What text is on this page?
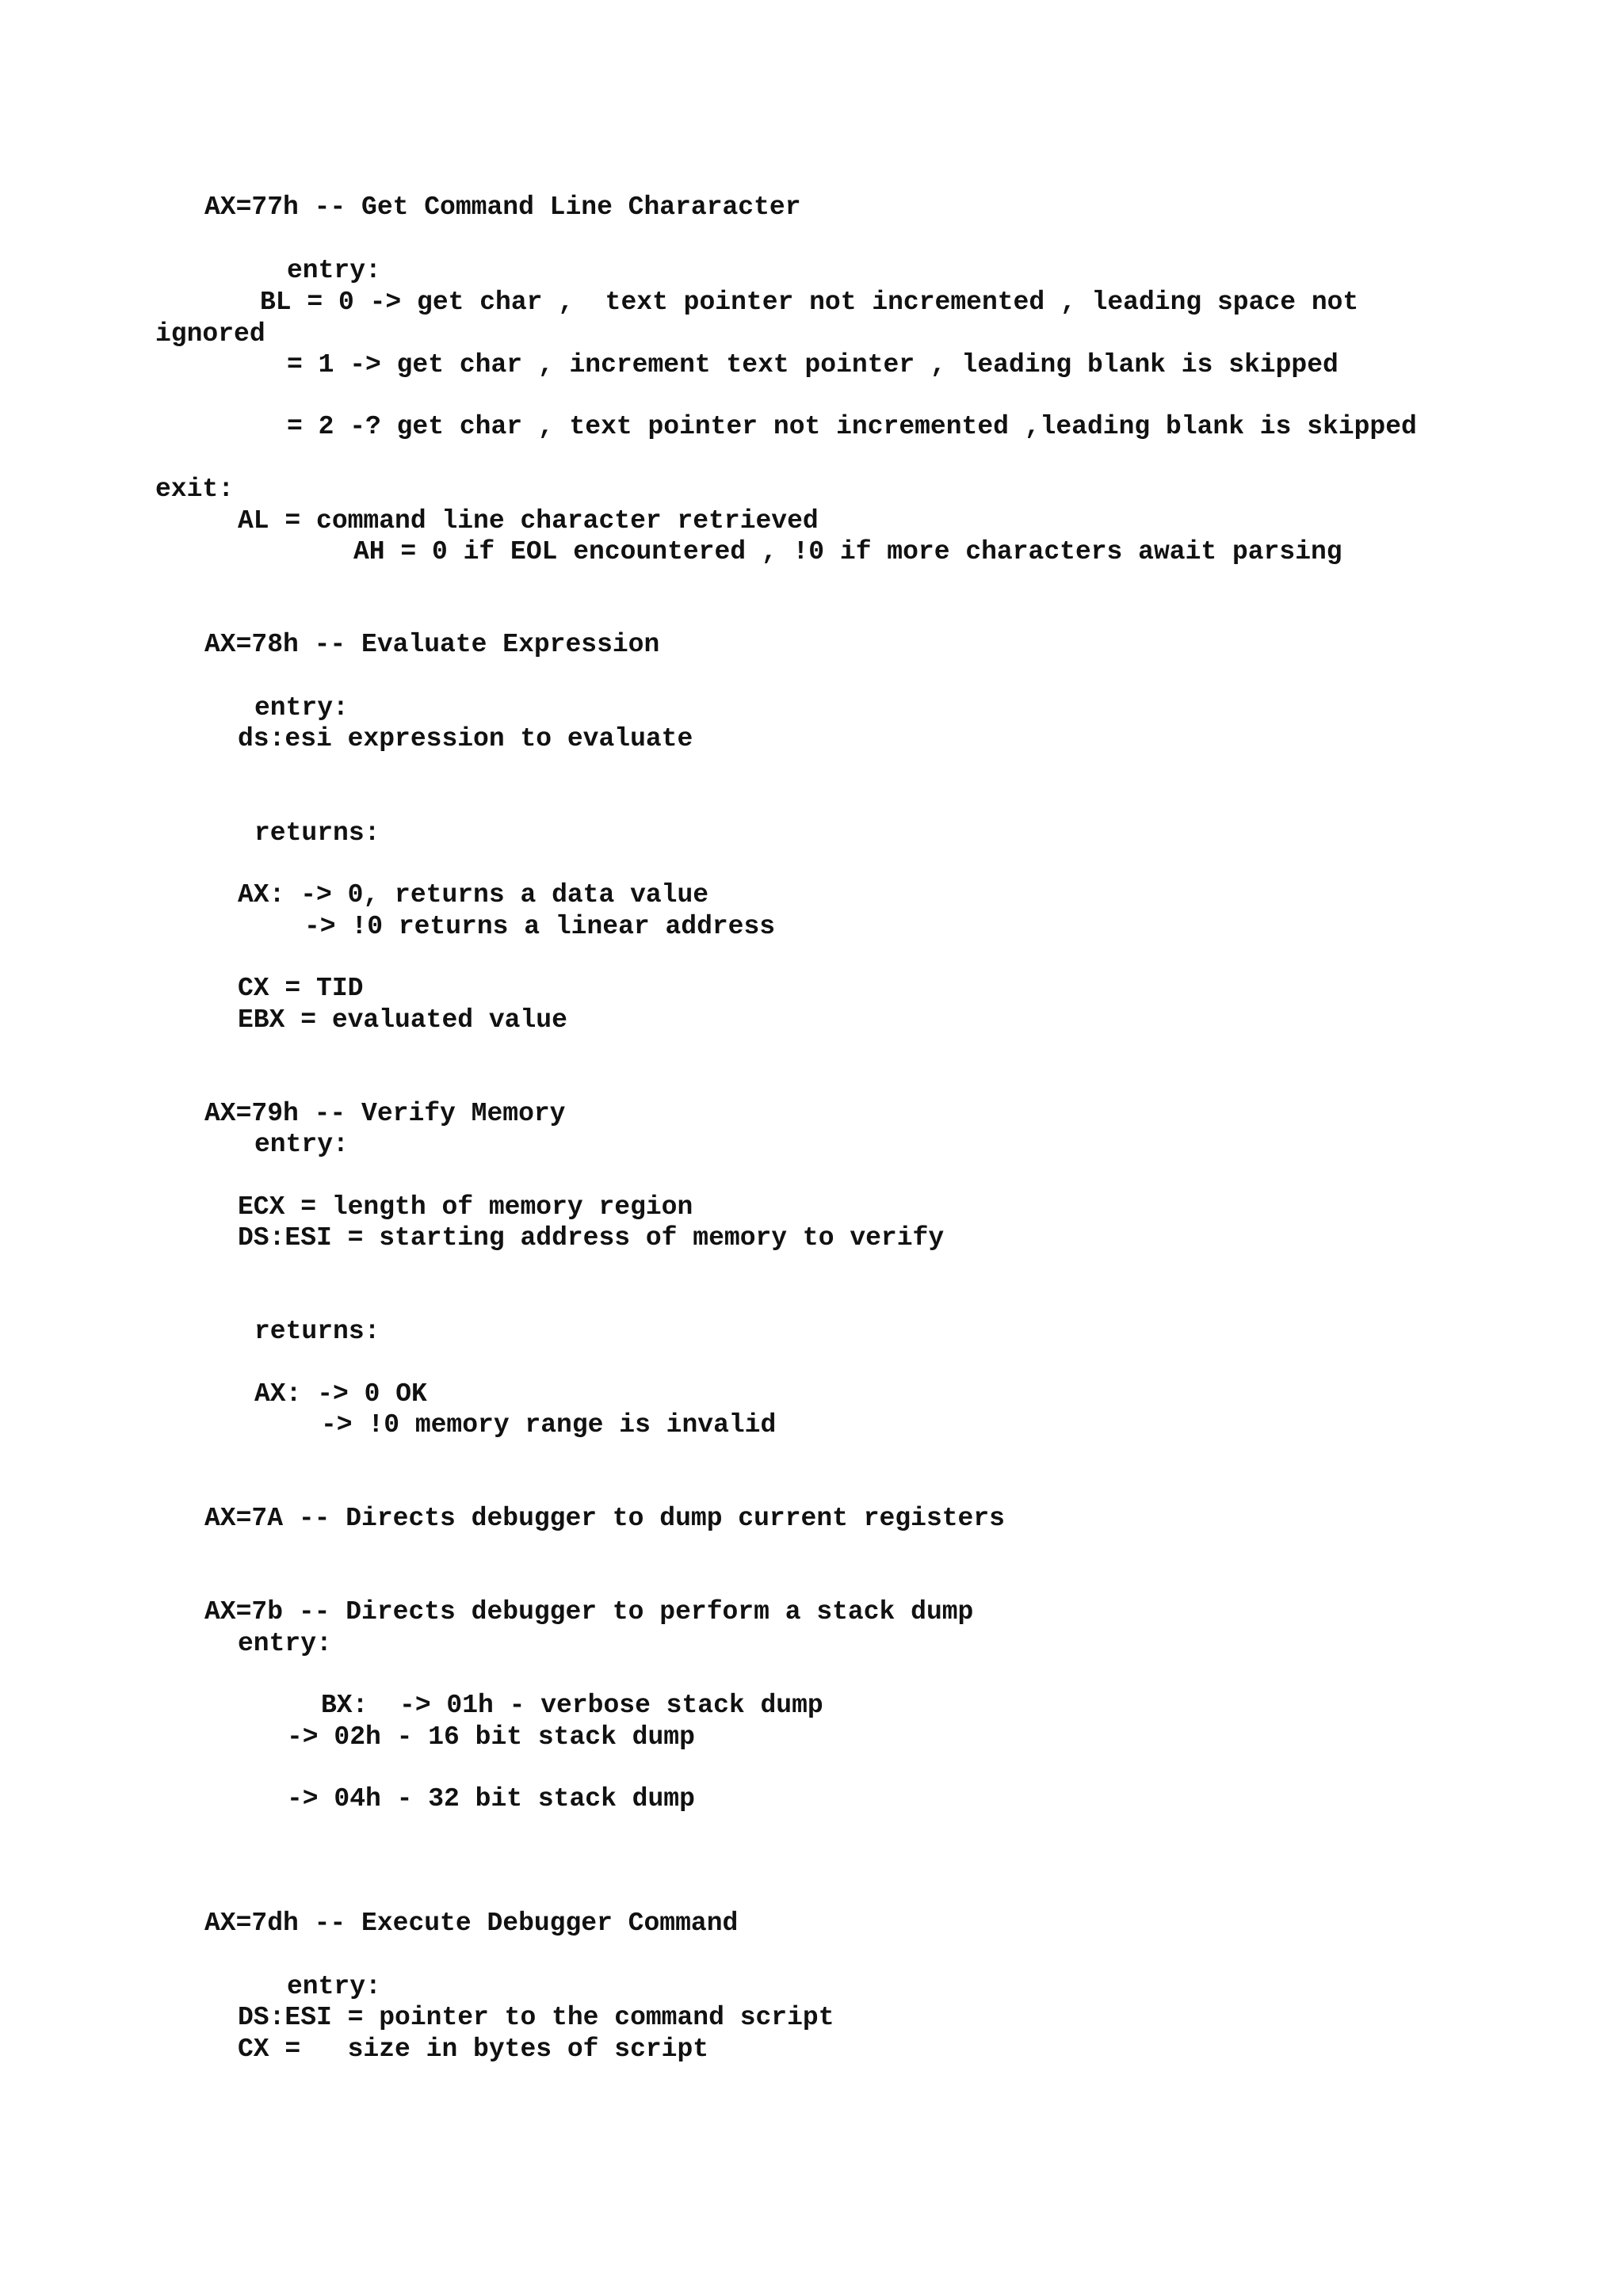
AX=77h -- Get Command Line Chararacter
entry:
BL = 0 -> get char ,  text pointer not incremented , leading space not
ignored
= 1 -> get char , increment text pointer , leading blank is skipped
= 2 -? get char , text pointer not incremented ,leading blank is skipped
exit:
AL = command line character retrieved
AH = 0 if EOL encountered , !0 if more characters await parsing
AX=78h -- Evaluate Expression
entry:
ds:esi expression to evaluate
returns:
AX: -> 0, returns a data value
-> !0 returns a linear address
CX = TID
EBX = evaluated value
AX=79h -- Verify Memory
entry:
ECX = length of memory region
DS:ESI = starting address of memory to verify
returns:
AX: -> 0 OK
-> !0 memory range is invalid
AX=7A -- Directs debugger to dump current registers
AX=7b -- Directs debugger to perform a stack dump
entry:
BX:  -> 01h - verbose stack dump
-> 02h - 16 bit stack dump
-> 04h - 32 bit stack dump
AX=7dh -- Execute Debugger Command
entry:
DS:ESI = pointer to the command script
CX =   size in bytes of script
